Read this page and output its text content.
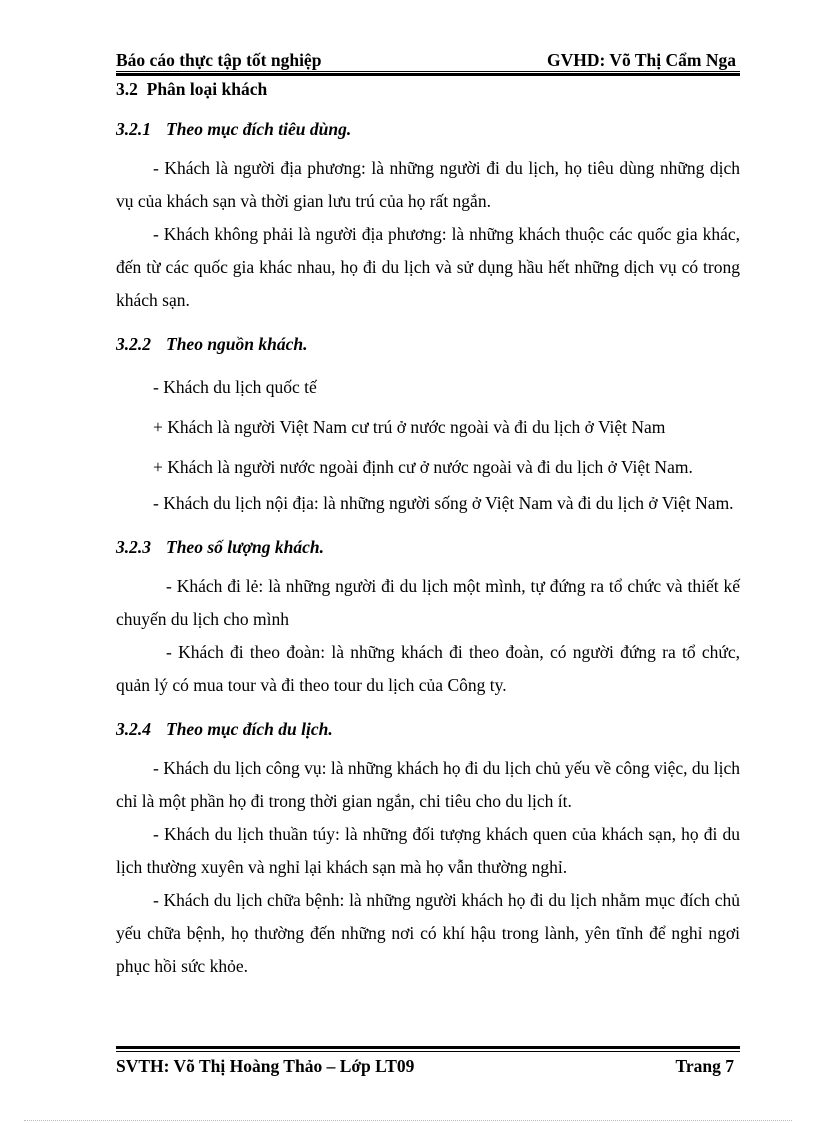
Báo cáo thực tập tốt nghiệp	GVHD: Võ Thị Cẩm Nga
3.2 Phân loại khách
3.2.1 Theo mục đích tiêu dùng.

- Khách là người địa phương: là những người đi du lịch, họ tiêu dùng những dịch vụ của khách sạn và thời gian lưu trú của họ rất ngắn.

- Khách không phải là người địa phương: là những khách thuộc các quốc gia khác, đến từ các quốc gia khác nhau, họ đi du lịch và sử dụng hầu hết những dịch vụ có trong khách sạn.

3.2.2 Theo nguồn khách.

- Khách du lịch quốc tế

+ Khách là người Việt Nam cư trú ở nước ngoài và đi du lịch ở Việt Nam

+ Khách là người nước ngoài định cư ở nước ngoài và đi du lịch ở Việt Nam.

- Khách du lịch nội địa: là những người sống ở Việt Nam và đi du lịch ở Việt Nam.

3.2.3 Theo số lượng khách.

- Khách đi lẻ: là những người đi du lịch một mình, tự đứng ra tổ chức và thiết kế chuyến du lịch cho mình

- Khách đi theo đoàn: là những khách đi theo đoàn, có người đứng ra tổ chức, quản lý có mua tour và đi theo tour du lịch của Công ty.

3.2.4 Theo mục đích du lịch.

- Khách du lịch công vụ: là những khách họ đi du lịch chủ yếu về công việc, du lịch chỉ là một phần họ đi trong thời gian ngắn, chi tiêu cho du lịch ít.

- Khách du lịch thuần túy: là những đối tượng khách quen của khách sạn, họ đi du lịch thường xuyên và nghỉ lại khách sạn mà họ vẫn thường nghỉ.

- Khách du lịch chữa bệnh: là những người khách họ đi du lịch nhằm mục đích chủ yếu chữa bệnh, họ thường đến những nơi có khí hậu trong lành, yên tĩnh để nghỉ ngơi phục hồi sức khỏe.

SVTH: Võ Thị Hoàng Thảo – Lớp LT09	Trang 7
